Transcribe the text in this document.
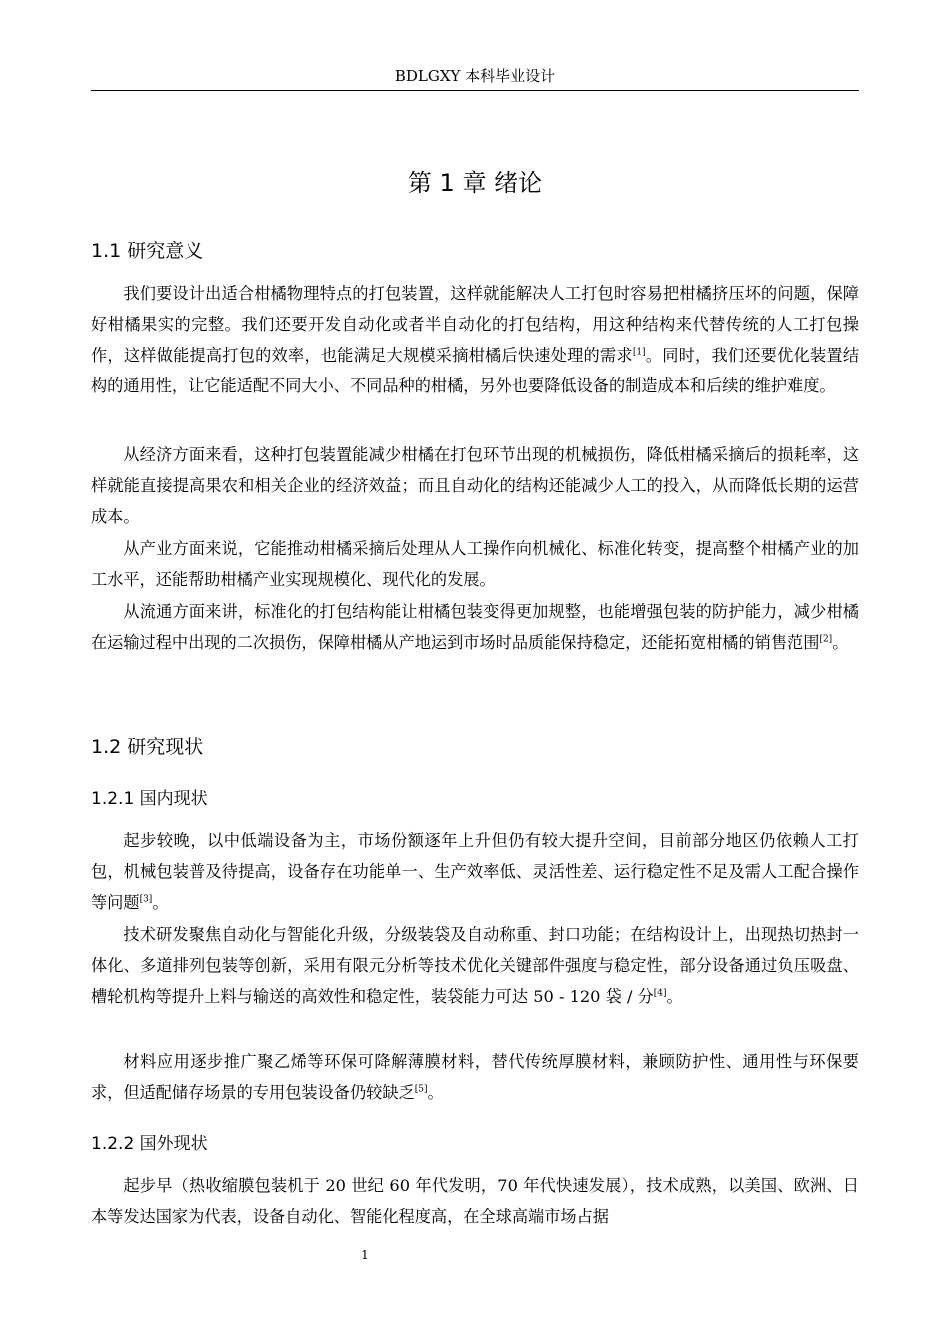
BDLGXY 本科毕业设计
第 1 章 绪论
1.1 研究意义

我们要设计出适合柑橘物理特点的打包装置，这样就能解决人工打包时容易把柑橘挤压坏的问题，保障好柑橘果实的完整。我们还要开发自动化或者半自动化的打包结构，用这种结构来代替传统的人工打包操作，这样做能提高打包的效率，也能满足大规模采摘柑橘后快速处理的需求[1]。同时，我们还要优化装置结构的通用性，让它能适配不同大小、不同品种的柑橘，另外也要降低设备的制造成本和后续的维护难度。

从经济方面来看，这种打包装置能减少柑橘在打包环节出现的机械损伤，降低柑橘采摘后的损耗率，这样就能直接提高果农和相关企业的经济效益；而且自动化的结构还能减少人工的投入，从而降低长期的运营成本。

从产业方面来说，它能推动柑橘采摘后处理从人工操作向机械化、标准化转变，提高整个柑橘产业的加工水平，还能帮助柑橘产业实现规模化、现代化的发展。

从流通方面来讲，标准化的打包结构能让柑橘包装变得更加规整，也能增强包装的防护能力，减少柑橘在运输过程中出现的二次损伤，保障柑橘从产地运到市场时品质能保持稳定，还能拓宽柑橘的销售范围[2]。

1.2 研究现状
1.2.1 国内现状

起步较晚，以中低端设备为主，市场份额逐年上升但仍有较大提升空间，目前部分地区仍依赖人工打包，机械包装普及待提高，设备存在功能单一、生产效率低、灵活性差、运行稳定性不足及需人工配合操作等问题[3]。

技术研发聚焦自动化与智能化升级，分级装袋及自动称重、封口功能；在结构设计上，出现热切热封一体化、多道排列包装等创新，采用有限元分析等技术优化关键部件强度与稳定性，部分设备通过负压吸盘、槽轮机构等提升上料与输送的高效性和稳定性，装袋能力可达 50 - 120 袋 / 分[4]。

材料应用逐步推广聚乙烯等环保可降解薄膜材料，替代传统厚膜材料，兼顾防护性、通用性与环保要求，但适配储存场景的专用包装设备仍较缺乏[5]。

1.2.2 国外现状

起步早（热收缩膜包装机于 20 世纪 60 年代发明，70 年代快速发展），技术成熟，以美国、欧洲、日本等发达国家为代表，设备自动化、智能化程度高，在全球高端市场占据

1
